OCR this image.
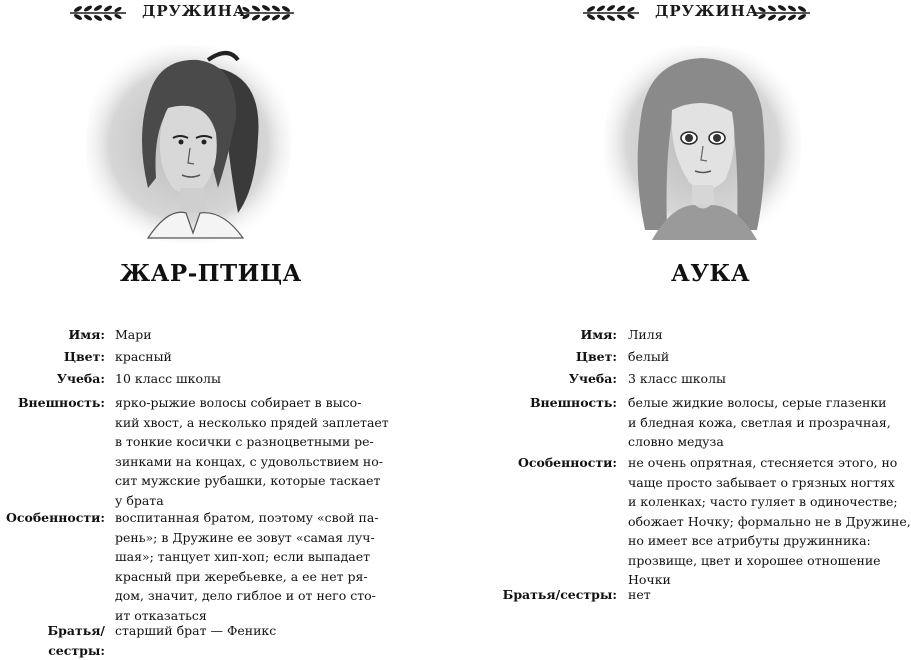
ДРУЖИНА
ЖАР-ПТИЦА
Имя: Мари
Цвет: красный
Учеба: 10 класс школы
Внешность: ярко-рыжие волосы собирает в высо-
кий хвост, а несколько прядей заплетает
в тонкие косички с разноцветными ре-
зинками на концах, с удовольствием но-
сит мужские рубашки, которые таскает
у брата
Особенности: воспитанная братом, поэтому «свой па-
рень»; в Дружине ее зовут «самая луч-
шая»; танцует хип-хоп; если выпадает
красный при жеребьевке, а ее нет ря-
дом, значит, дело гиблое и от него сто-
ит отказаться
Братья/сестры:
старший брат — Феникс
ДРУЖИНА
АУКА
Имя: Лиля
Цвет: белый
Учеба: 3 класс школы
Внешность: белые жидкие волосы, серые глазенки
и бледная кожа, светлая и прозрачная,
словно медуза
Особенности: не очень опрятная, стесняется этого, но
чаще просто забывает о грязных ногтях
и коленках; часто гуляет в одиночестве;
обожает Ночку; формально не в Дружине,
но имеет все атрибуты дружинника:
прозвище, цвет и хорошее отношение
Ночки
Братья/сестры: нет
